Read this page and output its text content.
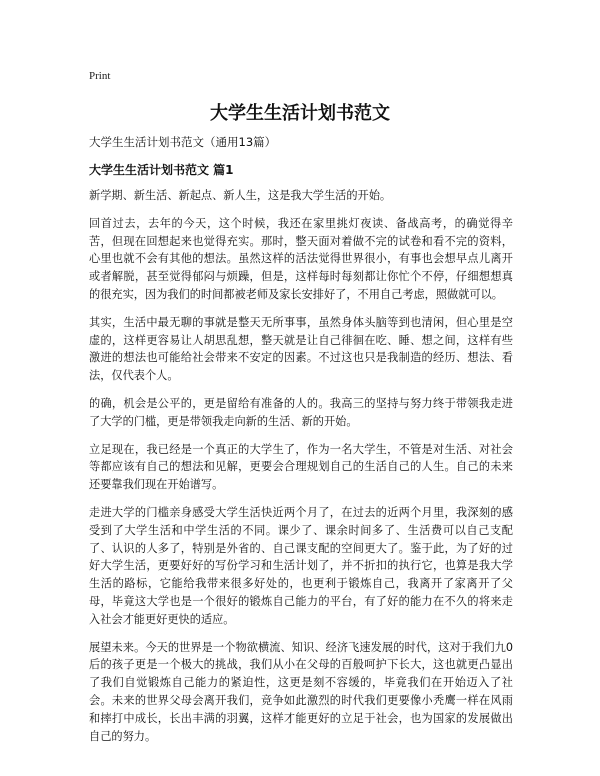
Print
大学生生活计划书范文

大学生生活计划书范文（通用13篇）

大学生生活计划书范文 篇1

新学期、新生活、新起点、新人生，这是我大学生活的开始。

回首过去，去年的今天，这个时候，我还在家里挑灯夜读、备战高考，的确觉得辛苦，但现在回想起来也觉得充实。那时，整天面对着做不完的试卷和看不完的资料，心里也就不会有其他的想法。虽然这样的活法觉得世界很小，有事也会想早点儿离开或者解脱，甚至觉得郁闷与烦躁，但是，这样每时每刻都让你忙个不停，仔细想想真的很充实，因为我们的时间都被老师及家长安排好了，不用自己考虑，照做就可以。

其实，生活中最无聊的事就是整天无所事事，虽然身体头脑等到也清闲，但心里是空虚的，这样更容易让人胡思乱想，整天就是让自己徘徊在吃、睡、想之间，这样有些激进的想法也可能给社会带来不安定的因素。不过这也只是我制造的经历、想法、看法，仅代表个人。

的确，机会是公平的，更是留给有准备的人的。我高三的坚持与努力终于带领我走进了大学的门槛，更是带领我走向新的生活、新的开始。

立足现在，我已经是一个真正的大学生了，作为一名大学生，不管是对生活、对社会等都应该有自己的想法和见解，更要会合理规划自己的生活自己的人生。自己的未来还要靠我们现在开始谱写。

走进大学的门槛亲身感受大学生活快近两个月了，在过去的近两个月里，我深刻的感受到了大学生活和中学生活的不同。课少了、课余时间多了、生活费可以自己支配了、认识的人多了，特别是外省的、自己课支配的空间更大了。鉴于此，为了好的过好大学生活，更要好好的写份学习和生活计划了，并不折扣的执行它，也算是我大学生活的路标，它能给我带来很多好处的，也更利于锻炼自己，我离开了家离开了父母，毕竟这大学也是一个很好的锻炼自己能力的平台，有了好的能力在不久的将来走入社会才能更好更快的适应。

展望未来。今天的世界是一个物欲横流、知识、经济飞速发展的时代，这对于我们九0后的孩子更是一个极大的挑战，我们从小在父母的百般呵护下长大，这也就更凸显出了我们自觉锻炼自己能力的紧迫性，这更是刻不容缓的，毕竟我们在开始迈入了社会。未来的世界父母会离开我们，竞争如此激烈的时代我们更要像小秃鹰一样在风雨和摔打中成长，长出丰满的羽翼，这样才能更好的立足于社会，也为国家的发展做出自己的努力。
